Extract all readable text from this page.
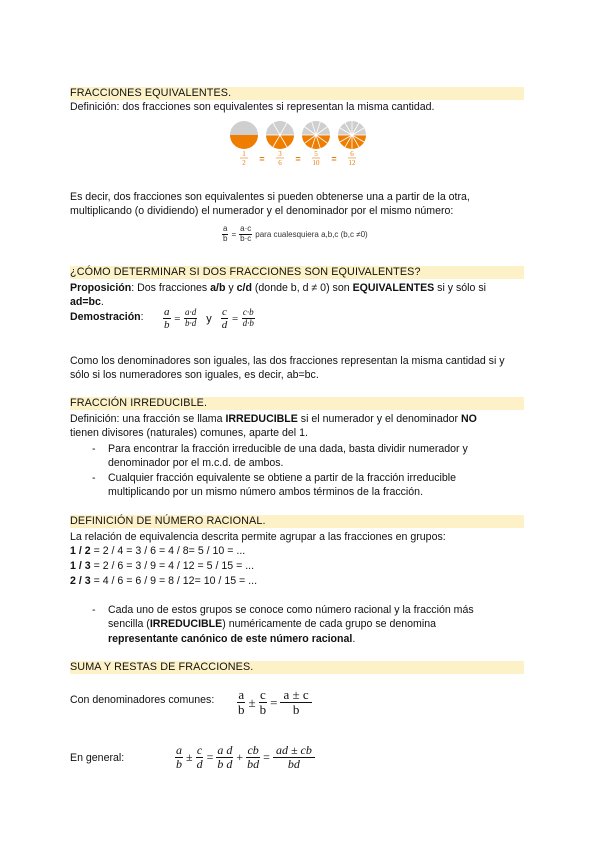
FRACCIONES EQUIVALENTES.
Definición: dos fracciones son equivalentes si representan la misma cantidad.
1
2 = 3
6 = 5
10 = 6
12
Es decir, dos fracciones son equivalentes si pueden obtenerse una a partir de la otra,
multiplicando (o dividiendo) el numerador y el denominador por el mismo número:
$\frac{a}{b} = \frac{a\cdot c}{b\cdot c}$ para cualesquiera a,b,c (b,c ≠0)
¿CÓMO DETERMINAR SI DOS FRACCIONES SON EQUIVALENTES?
Proposición: Dos fracciones a/b y c/d (donde b, d ≠ 0) son EQUIVALENTES si y sólo si
ad=bc.
Demostración: $\frac{a}{b} = \frac{a\cdot d}{b\cdot d}$ y $\frac{c}{d} = \frac{c\cdot b}{d\cdot b}$
Como los denominadores son iguales, las dos fracciones representan la misma cantidad si y
sólo si los numeradores son iguales, es decir, ab=bc.
FRACCIÓN IRREDUCIBLE.
Definición: una fracción se llama IRREDUCIBLE si el numerador y el denominador NO
tienen divisores (naturales) comunes, aparte del 1.
- Para encontrar la fracción irreducible de una dada, basta dividir numerador y
denominador por el m.c.d. de ambos.
- Cualquier fracción equivalente se obtiene a partir de la fracción irreducible
multiplicando por un mismo número ambos términos de la fracción.
DEFINICIÓN DE NÚMERO RACIONAL.
La relación de equivalencia descrita permite agrupar a las fracciones en grupos:
1 / 2 = 2 / 4 = 3 / 6 = 4 / 8= 5 / 10 = ...
1 / 3 = 2 / 6 = 3 / 9 = 4 / 12 = 5 / 15 = ...
2 / 3 = 4 / 6 = 6 / 9 = 8 / 12= 10 / 15 = ...
- Cada uno de estos grupos se conoce como número racional y la fracción más
sencilla (IRREDUCIBLE) numéricamente de cada grupo se denomina
representante canónico de este número racional.
SUMA Y RESTAS DE FRACCIONES.
Con denominadores comunes: $\frac{a}{b} \pm \frac{c}{b} = \frac{a \pm c}{b}$
En general:	$\frac{a}{b} \pm \frac{c}{d} = \frac{\text{a d}}{\text{b d}} + \frac{cb}{bd} = \frac{ad \pm cb}{bd}$
